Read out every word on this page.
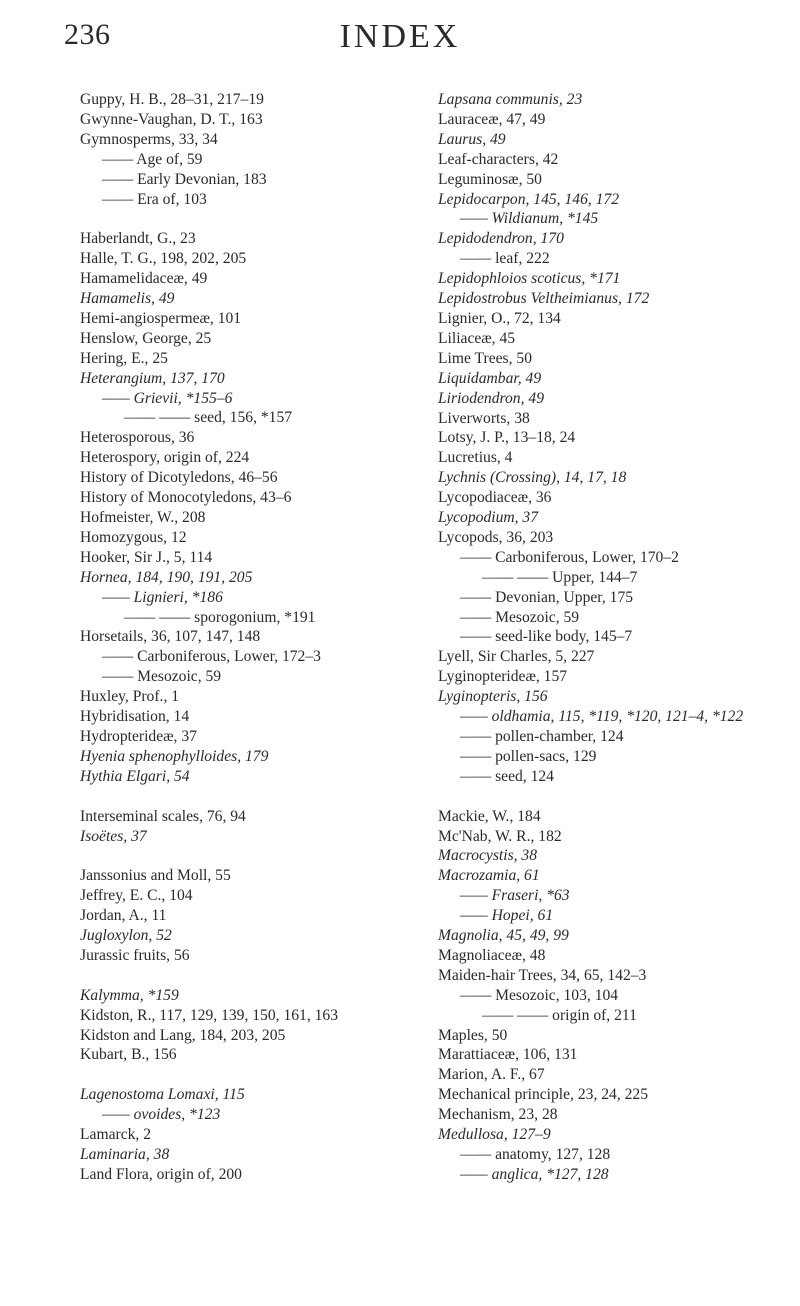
236	INDEX
Guppy, H. B., 28–31, 217–19
Gwynne-Vaughan, D. T., 163
Gymnosperms, 33, 34
—— Age of, 59
—— Early Devonian, 183
—— Era of, 103
Haberlandt, G., 23
Halle, T. G., 198, 202, 205
Hamamelidaceæ, 49
Hamamelis, 49
Hemi-angiospermeæ, 101
Henslow, George, 25
Hering, E., 25
Heterangium, 137, 170
—— Grievii, *155–6
—— —— seed, 156, *157
Heterosporous, 36
Heterospory, origin of, 224
History of Dicotyledons, 46–56
History of Monocotyledons, 43–6
Hofmeister, W., 208
Homozygous, 12
Hooker, Sir J., 5, 114
Hornea, 184, 190, 191, 205
—— Lignieri, *186
—— —— sporogonium, *191
Horsetails, 36, 107, 147, 148
—— Carboniferous, Lower, 172–3
—— Mesozoic, 59
Huxley, Prof., 1
Hybridisation, 14
Hydropterideæ, 37
Hyenia sphenophylloides, 179
Hythia Elgari, 54
Interseminal scales, 76, 94
Isoëtes, 37
Janssonius and Moll, 55
Jeffrey, E. C., 104
Jordan, A., 11
Jugloxylon, 52
Jurassic fruits, 56
Kalymma, *159
Kidston, R., 117, 129, 139, 150, 161, 163
Kidston and Lang, 184, 203, 205
Kubart, B., 156
Lagenostoma Lomaxi, 115
—— ovoides, *123
Lamarck, 2
Laminaria, 38
Land Flora, origin of, 200
Lapsana communis, 23
Lauraceæ, 47, 49
Laurus, 49
Leaf-characters, 42
Leguminosæ, 50
Lepidocarpon, 145, 146, 172
—— Wildianum, *145
Lepidodendron, 170
—— leaf, 222
Lepidophloios scoticus, *171
Lepidostrobus Veltheimianus, 172
Lignier, O., 72, 134
Liliaceæ, 45
Lime Trees, 50
Liquidambar, 49
Liriodendron, 49
Liverworts, 38
Lotsy, J. P., 13–18, 24
Lucretius, 4
Lychnis (Crossing), 14, 17, 18
Lycopodiaceæ, 36
Lycopodium, 37
Lycopods, 36, 203
—— Carboniferous, Lower, 170–2
—— —— Upper, 144–7
—— Devonian, Upper, 175
—— Mesozoic, 59
—— seed-like body, 145–7
Lyell, Sir Charles, 5, 227
Lyginopterideæ, 157
Lyginopteris, 156
—— oldhamia, 115, *119, *120, 121–4, *122
—— pollen-chamber, 124
—— pollen-sacs, 129
—— seed, 124
Mackie, W., 184
Mc'Nab, W. R., 182
Macrocystis, 38
Macrozamia, 61
—— Fraseri, *63
—— Hopei, 61
Magnolia, 45, 49, 99
Magnoliaceæ, 48
Maiden-hair Trees, 34, 65, 142–3
—— Mesozoic, 103, 104
—— —— origin of, 211
Maples, 50
Marattiaceæ, 106, 131
Marion, A. F., 67
Mechanical principle, 23, 24, 225
Mechanism, 23, 28
Medullosa, 127–9
—— anatomy, 127, 128
—— anglica, *127, 128
